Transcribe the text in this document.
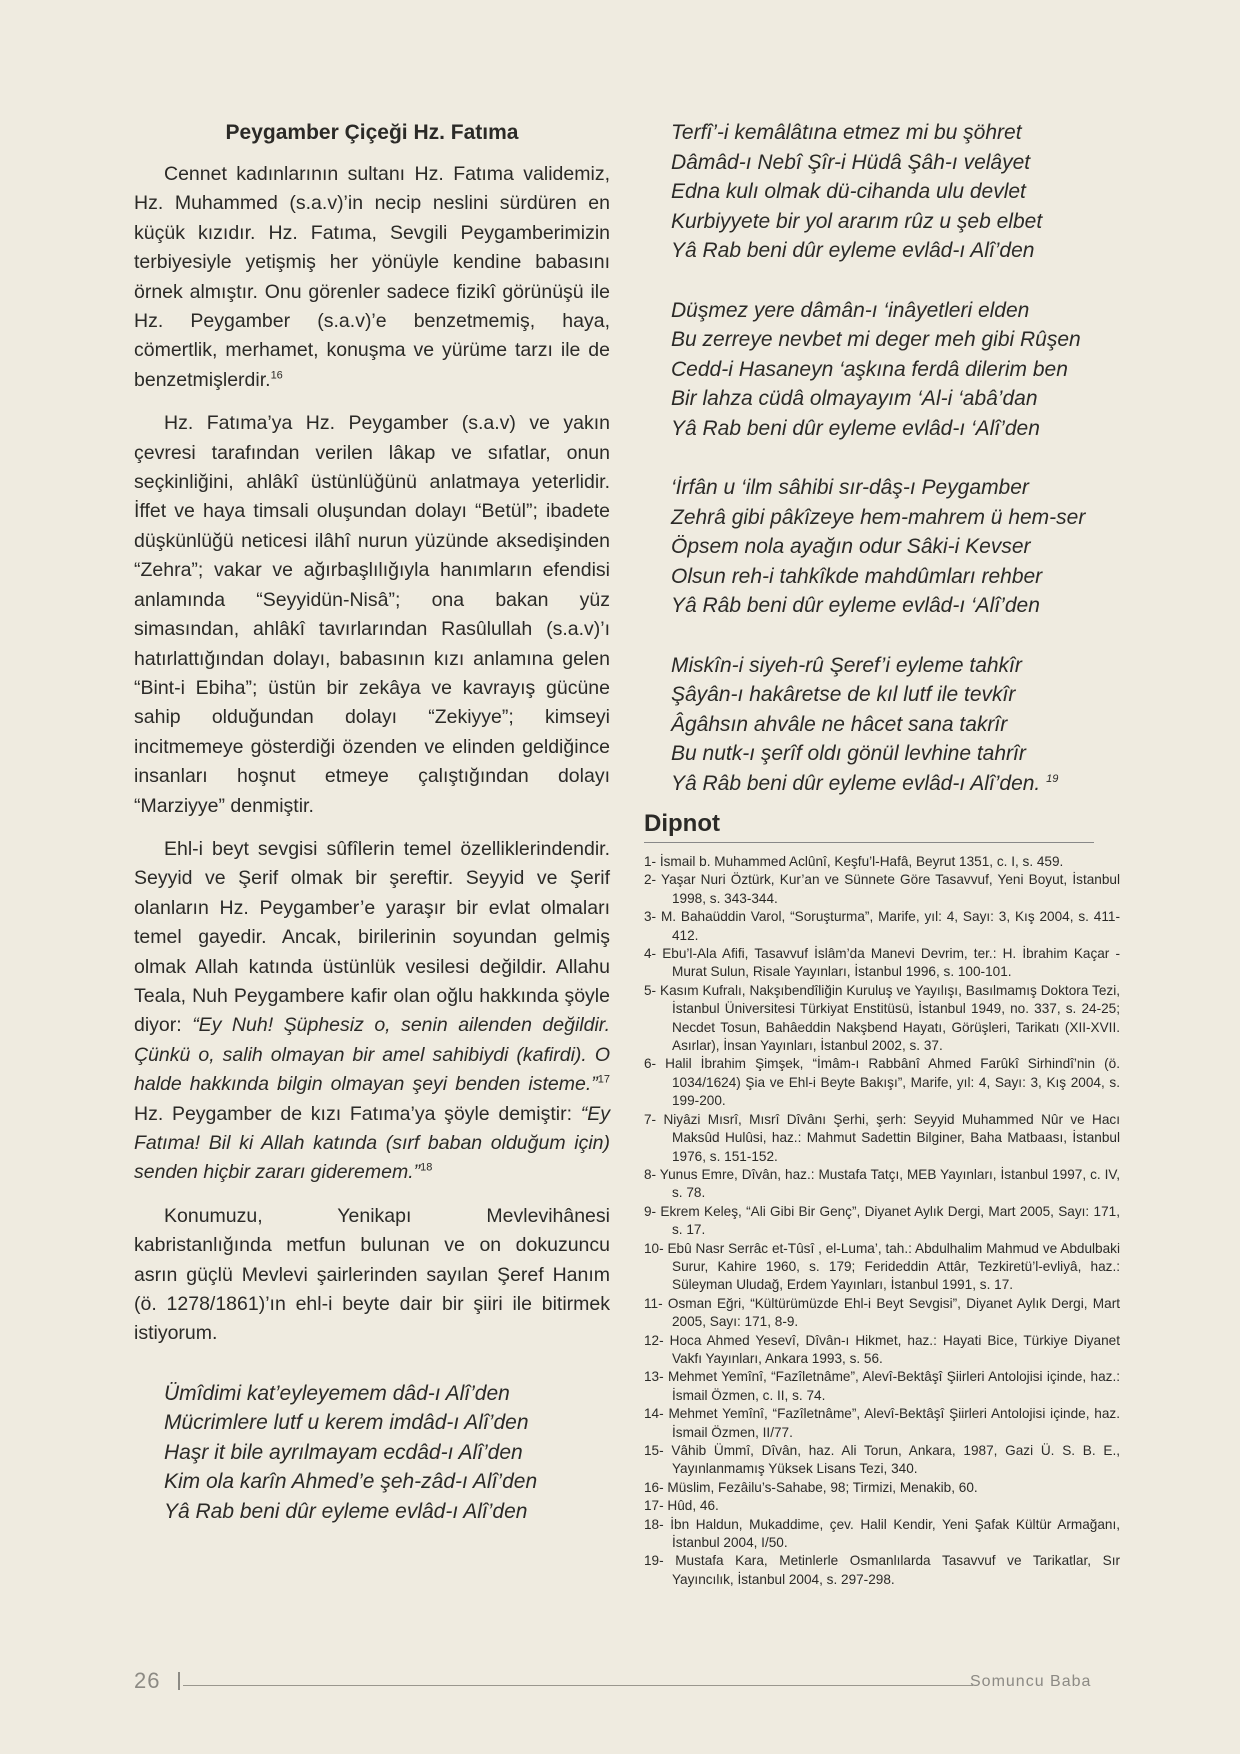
Peygamber Çiçeği Hz. Fatıma

Cennet kadınlarının sultanı Hz. Fatıma validemiz, Hz. Muhammed (s.a.v)’in necip neslini sürdüren en küçük kızıdır. Hz. Fatıma, Sevgili Peygamberimizin terbiyesiyle yetişmiş her yönüyle kendine babasını örnek almıştır. Onu görenler sadece fizikî görünüşü ile Hz. Peygamber (s.a.v)’e benzetmemiş, haya, cömertlik, merhamet, konuşma ve yürüme tarzı ile de benzetmişlerdir.$^{16}$

Hz. Fatıma’ya Hz. Peygamber (s.a.v) ve yakın çevresi tarafından verilen lâkap ve sıfatlar, onun seçkinliğini, ahlâkî üstünlüğünü anlatmaya yeterlidir. İffet ve haya timsali oluşundan dolayı “Betül”; ibadete düşkünlüğü neticesi ilâhî nurun yüzünde aksedişinden “Zehra”; vakar ve ağırbaşlılığıyla hanımların efendisi anlamında “Seyyidün-Nisâ”; ona bakan yüz simasından, ahlâkî tavırlarından Rasûlullah (s.a.v)’ı hatırlattığından dolayı, babasının kızı anlamına gelen “Bint-i Ebiha”; üstün bir zekâya ve kavrayış gücüne sahip olduğundan dolayı “Zekiyye”; kimseyi incitmemeye gösterdiği özenden ve elinden geldiğince insanları hoşnut etmeye çalıştığından dolayı “Marziyye” denmiştir.

Ehl-i beyt sevgisi sûfîlerin temel özelliklerindendir. Seyyid ve Şerif olmak bir şereftir. Seyyid ve Şerif olanların Hz. Peygamber’e yaraşır bir evlat olmaları temel gayedir. Ancak, birilerinin soyundan gelmiş olmak Allah katında üstünlük vesilesi değildir. Allahu Teala, Nuh Peygambere kafir olan oğlu hakkında şöyle diyor: “Ey Nuh! Şüphesiz o, senin ailenden değildir. Çünkü o, salih olmayan bir amel sahibiydi (kafirdi). O halde hakkında bilgin olmayan şeyi benden isteme.”$^{17}$ Hz. Peygamber de kızı Fatıma’ya şöyle demiştir: “Ey Fatıma! Bil ki Allah katında (sırf baban olduğum için) senden hiçbir zararı gideremem.”$^{18}$

Konumuzu, Yenikapı Mevlevihânesi kabristanlığında metfun bulunan ve on dokuzuncu asrın güçlü Mevlevi şairlerinden sayılan Şeref Hanım (ö. 1278/1861)’ın ehl-i beyte dair bir şiiri ile bitirmek istiyorum.

Ümîdimi kat’eyleyemem dâd-ı Alî’den
Mücrimlere lutf u kerem imdâd-ı Alî’den
Haşr it bile ayrılmayam ecdâd-ı Alî’den
Kim ola karîn Ahmed’e şeh-zâd-ı Alî’den
Yâ Rab beni dûr eyleme evlâd-ı Alî’den
Terfî’-i kemâlâtına etmez mi bu şöhret
Dâmâd-ı Nebî Şîr-i Hüdâ Şâh-ı velâyet
Edna kulı olmak dü-cihanda ulu devlet
Kurbiyyete bir yol ararım rûz u şeb elbet
Yâ Rab beni dûr eyleme evlâd-ı Alî’den
Düşmez yere dâmân-ı ‘inâyetleri elden
Bu zerreye nevbet mi deger meh gibi Rûşen
Cedd-i Hasaneyn ‘aşkına ferdâ dilerim ben
Bir lahza cüdâ olmayayım ‘Al-i ‘abâ’dan
Yâ Rab beni dûr eyleme evlâd-ı ‘Alî’den
‘İrfân u ‘ilm sâhibi sır-dâş-ı Peygamber
Zehrâ gibi pâkîzeye hem-mahrem ü hem-ser
Öpsem nola ayağın odur Sâki-i Kevser
Olsun reh-i tahkîkde mahdûmları rehber
Yâ Râb beni dûr eyleme evlâd-ı ‘Alî’den
Miskîn-i siyeh-rû Şeref’i eyleme tahkîr
Şâyân-ı hakâretse de kıl lutf ile tevkîr
Âgâhsın ahvâle ne hâcet sana takrîr
Bu nutk-ı şerîf oldı gönül levhine tahrîr
Yâ Râb beni dûr eyleme evlâd-ı Alî’den. $^{19}$
Dipnot
1- İsmail b. Muhammed Aclûnî, Keşfu’l-Hafâ, Beyrut 1351, c. I, s. 459.
2- Yaşar Nuri Öztürk, Kur’an ve Sünnete Göre Tasavvuf, Yeni Boyut, İstanbul 1998, s. 343-344.
3- M. Bahaüddin Varol, “Soruşturma”, Marife, yıl: 4, Sayı: 3, Kış 2004, s. 411-412.
4- Ebu’l-Ala Afifi, Tasavvuf İslâm’da Manevi Devrim, ter.: H. İbrahim Kaçar - Murat Sulun, Risale Yayınları, İstanbul 1996, s. 100-101.
5- Kasım Kufralı, Nakşıbendîliğin Kuruluş ve Yayılışı, Basılmamış Doktora Tezi, İstanbul Üniversitesi Türkiyat Enstitüsü, İstanbul 1949, no. 337, s. 24-25; Necdet Tosun, Bahâeddin Nakşbend Hayatı, Görüşleri, Tarikatı (XII-XVII. Asırlar), İnsan Yayınları, İstanbul 2002, s. 37.
6- Halil İbrahim Şimşek, “İmâm-ı Rabbânî Ahmed Farûkî Sirhindî’nin (ö. 1034/1624) Şia ve Ehl-i Beyte Bakışı”, Marife, yıl: 4, Sayı: 3, Kış 2004, s. 199-200.
7- Niyâzi Mısrî, Mısrî Dîvânı Şerhi, şerh: Seyyid Muhammed Nûr ve Hacı Maksûd Hulûsi, haz.: Mahmut Sadettin Bilginer, Baha Matbaası, İstanbul 1976, s. 151-152.
8- Yunus Emre, Dîvân, haz.: Mustafa Tatçı, MEB Yayınları, İstanbul 1997, c. IV, s. 78.
9- Ekrem Keleş, “Ali Gibi Bir Genç”, Diyanet Aylık Dergi, Mart 2005, Sayı: 171, s. 17.
10- Ebû Nasr Serrâc et-Tûsî , el-Luma’, tah.: Abdulhalim Mahmud ve Abdulbaki Surur, Kahire 1960, s. 179; Ferideddin Attâr, Tezkiretü’l-evliyâ, haz.: Süleyman Uludağ, Erdem Yayınları, İstanbul 1991, s. 17.
11- Osman Eğri, “Kültürümüzde Ehl-i Beyt Sevgisi”, Diyanet Aylık Dergi, Mart 2005, Sayı: 171, 8-9.
12- Hoca Ahmed Yesevî, Dîvân-ı Hikmet, haz.: Hayati Bice, Türkiye Diyanet Vakfı Yayınları, Ankara 1993, s. 56.
13- Mehmet Yemînî, “Fazîletnâme”, Alevî-Bektâşî Şiirleri Antolojisi içinde, haz.: İsmail Özmen, c. II, s. 74.
14- Mehmet Yemînî, “Fazîletnâme”, Alevî-Bektâşî Şiirleri Antolojisi içinde, haz. İsmail Özmen, II/77.
15- Vâhib Ümmî, Dîvân, haz. Ali Torun, Ankara, 1987, Gazi Ü. S. B. E., Yayınlanmamış Yüksek Lisans Tezi, 340.
16- Müslim, Fezâilu’s-Sahabe, 98; Tirmizi, Menakib, 60.
17- Hûd, 46.
18- İbn Haldun, Mukaddime, çev. Halil Kendir, Yeni Şafak Kültür Armağanı, İstanbul 2004, I/50.
19- Mustafa Kara, Metinlerle Osmanlılarda Tasavvuf ve Tarikatlar, Sır Yayıncılık, İstanbul 2004, s. 297-298.
26	Somuncu Baba
